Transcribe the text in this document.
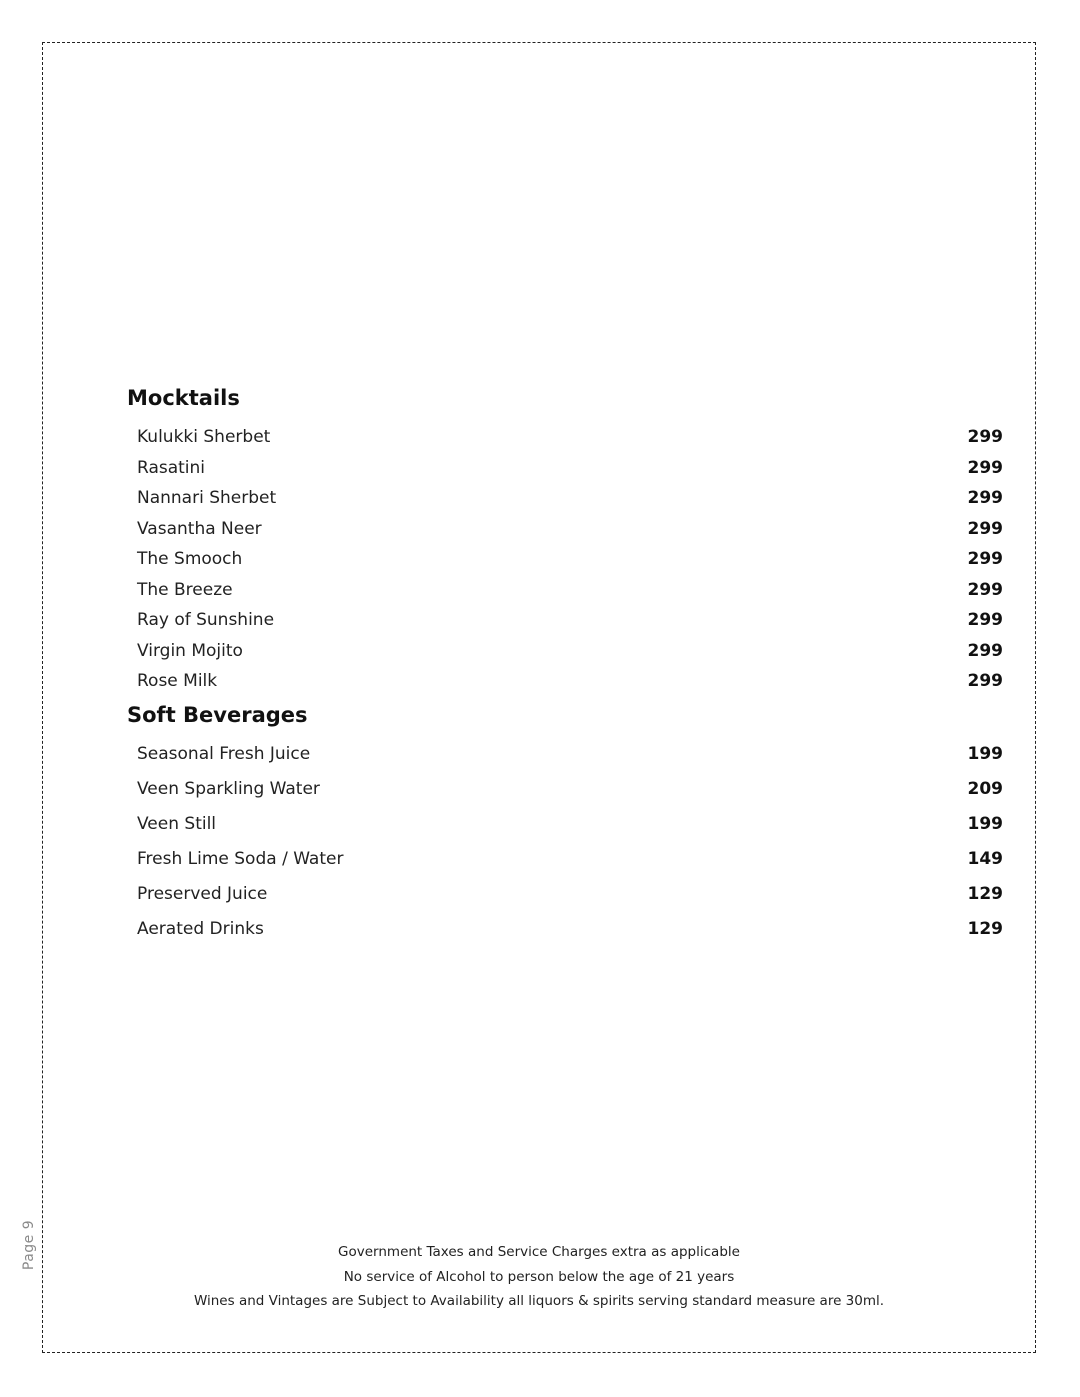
Page 9
Mocktails
Kulukki Sherbet	299
Rasatini	299
Nannari Sherbet	299
Vasantha Neer	299
The Smooch	299
The Breeze	299
Ray of Sunshine	299
Virgin Mojito	299
Rose Milk	299
Soft Beverages
Seasonal Fresh Juice	199
Veen Sparkling Water	209
Veen Still	199
Fresh Lime Soda / Water	149
Preserved Juice	129
Aerated Drinks	129
Government Taxes and Service Charges extra as applicable
No service of Alcohol to person below the age of 21 years
Wines and Vintages are Subject to Availability all liquors & spirits serving standard measure are 30ml.
